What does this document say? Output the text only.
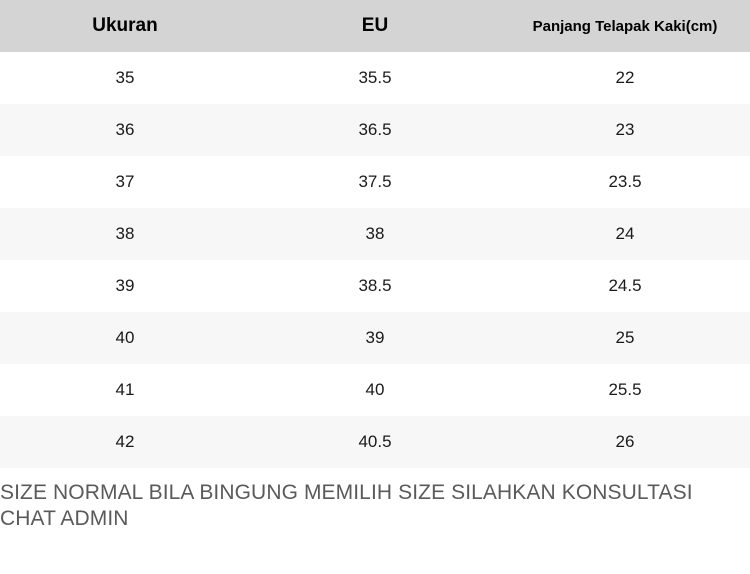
Ukuran	EU	Panjang Telapak Kaki(cm)
35	35.5	22
36	36.5	23
37	37.5	23.5
38	38	24
39	38.5	24.5
40	39	25
41	40	25.5
42	40.5	26

SIZE NORMAL BILA BINGUNG MEMILIH SIZE SILAHKAN KONSULTASI CHAT ADMIN
